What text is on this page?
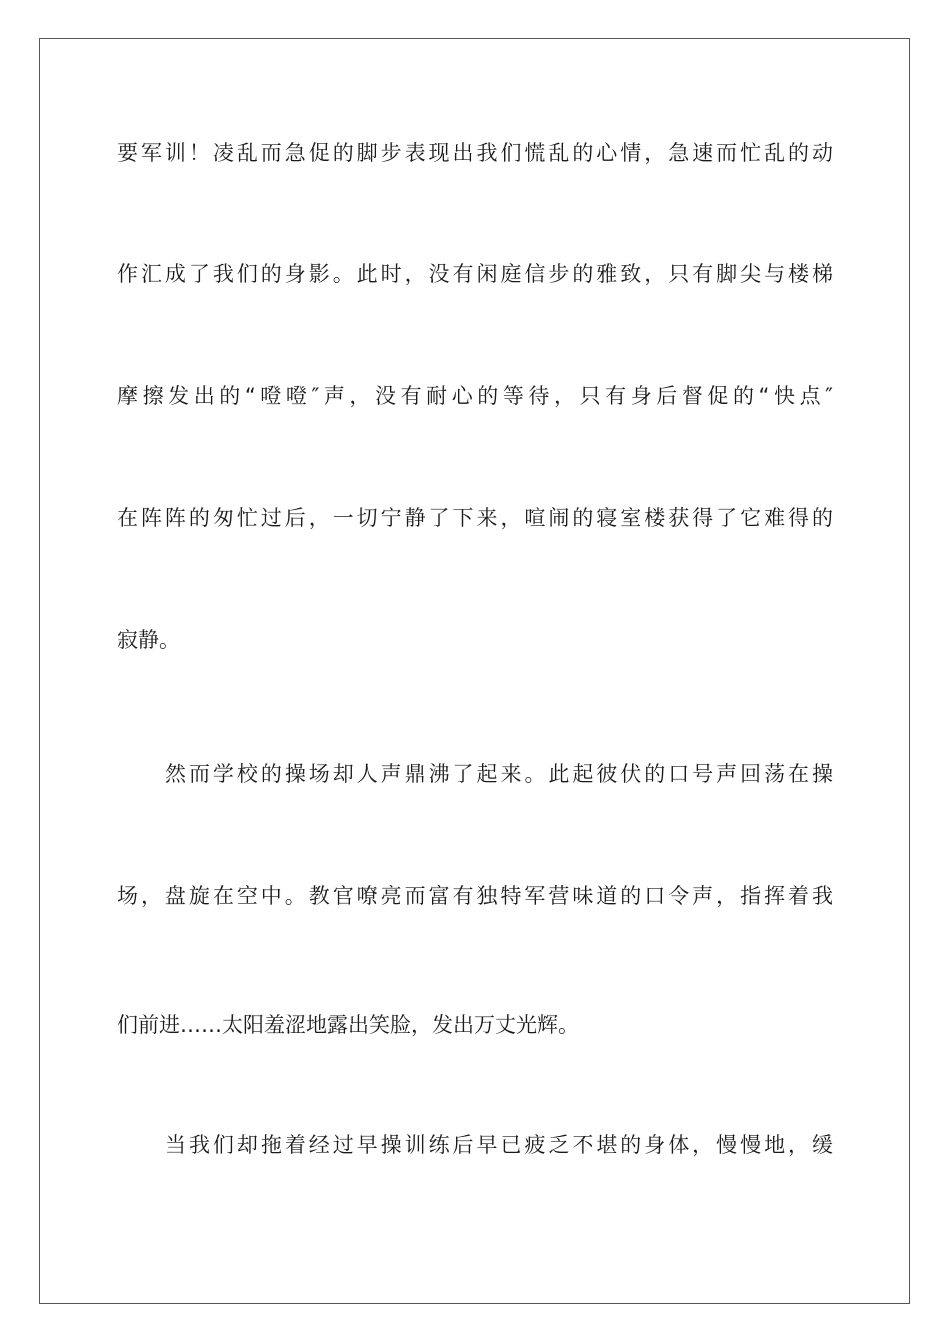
要军训！凌乱而急促的脚步表现出我们慌乱的心情，急速而忙乱的动
作汇成了我们的身影。此时，没有闲庭信步的雅致，只有脚尖与楼梯
摩擦发出的“噔噔″声，没有耐心的等待，只有身后督促的“快点″
在阵阵的匆忙过后，一切宁静了下来，喧闹的寝室楼获得了它难得的
寂静。
然而学校的操场却人声鼎沸了起来。此起彼伏的口号声回荡在操
场，盘旋在空中。教官嘹亮而富有独特军营味道的口令声，指挥着我
们前进……太阳羞涩地露出笑脸，发出万丈光辉。
当我们却拖着经过早操训练后早已疲乏不堪的身体，慢慢地，缓
